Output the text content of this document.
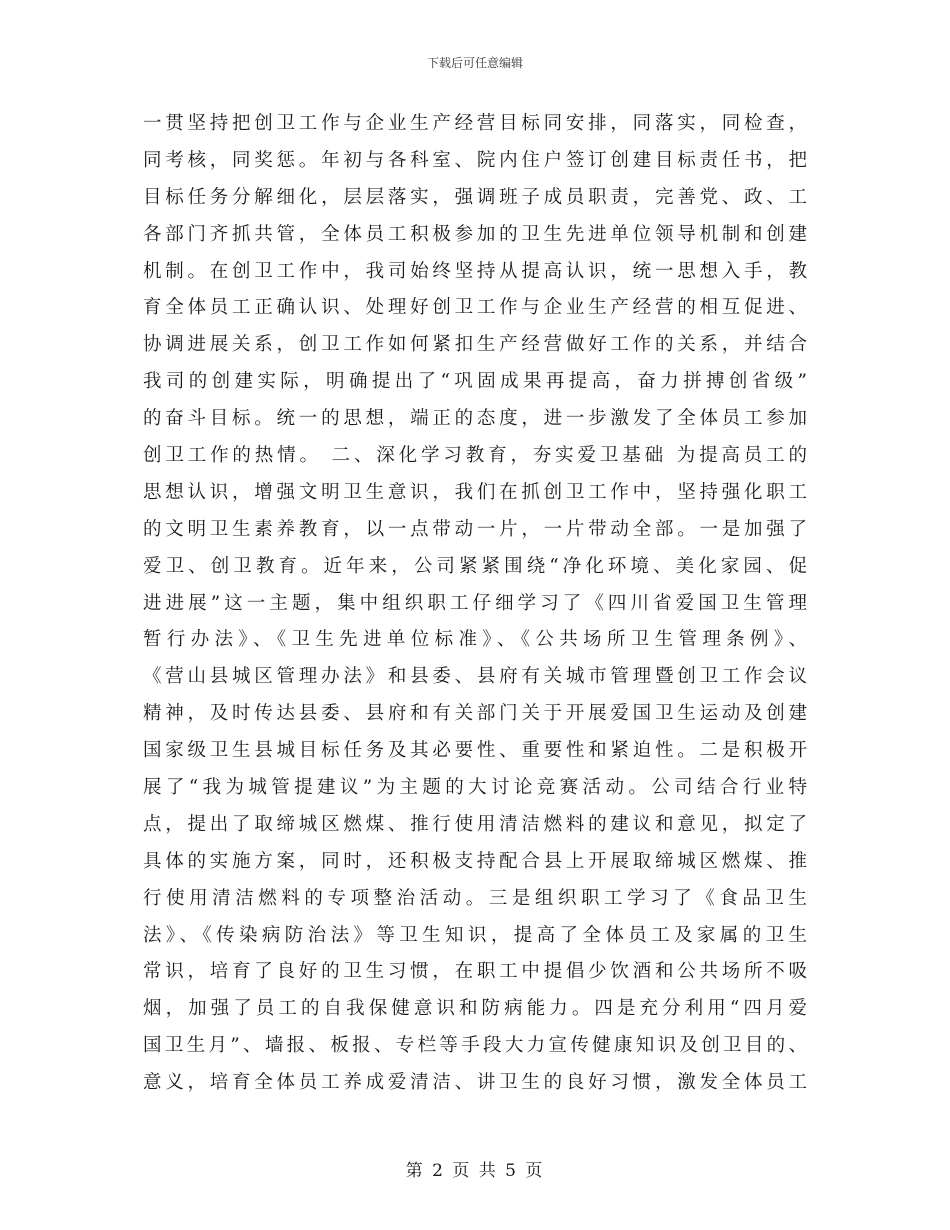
下载后可任意编辑
一贯坚持把创卫工作与企业生产经营目标同安排，同落实，同检查，
同考核，同奖惩。年初与各科室、院内住户签订创建目标责任书，把
目标任务分解细化，层层落实，强调班子成员职责，完善党、政、工
各部门齐抓共管，全体员工积极参加的卫生先进单位领导机制和创建
机制。在创卫工作中，我司始终坚持从提高认识，统一思想入手，教
育全体员工正确认识、处理好创卫工作与企业生产经营的相互促进、
协调进展关系，创卫工作如何紧扣生产经营做好工作的关系，并结合
我司的创建实际，明确提出了“巩固成果再提高，奋力拼搏创省级”
的奋斗目标。统一的思想，端正的态度，进一步激发了全体员工参加
创卫工作的热情。 二、深化学习教育，夯实爱卫基础 为提高员工的
思想认识，增强文明卫生意识，我们在抓创卫工作中，坚持强化职工
的文明卫生素养教育，以一点带动一片，一片带动全部。一是加强了
爱卫、创卫教育。近年来，公司紧紧围绕“净化环境、美化家园、促
进进展”这一主题，集中组织职工仔细学习了《四川省爱国卫生管理
暂行办法》、《卫生先进单位标准》、《公共场所卫生管理条例》、
《营山县城区管理办法》和县委、县府有关城市管理暨创卫工作会议
精神，及时传达县委、县府和有关部门关于开展爱国卫生运动及创建
国家级卫生县城目标任务及其必要性、重要性和紧迫性。二是积极开
展了“我为城管提建议”为主题的大讨论竞赛活动。公司结合行业特
点，提出了取缔城区燃煤、推行使用清洁燃料的建议和意见，拟定了
具体的实施方案，同时，还积极支持配合县上开展取缔城区燃煤、推
行使用清洁燃料的专项整治活动。三是组织职工学习了《食品卫生
法》、《传染病防治法》等卫生知识，提高了全体员工及家属的卫生
常识，培育了良好的卫生习惯，在职工中提倡少饮酒和公共场所不吸
烟，加强了员工的自我保健意识和防病能力。四是充分利用“四月爱
国卫生月”、墙报、板报、专栏等手段大力宣传健康知识及创卫目的、
意义，培育全体员工养成爱清洁、讲卫生的良好习惯，激发全体员工
第 2 页 共 5 页
